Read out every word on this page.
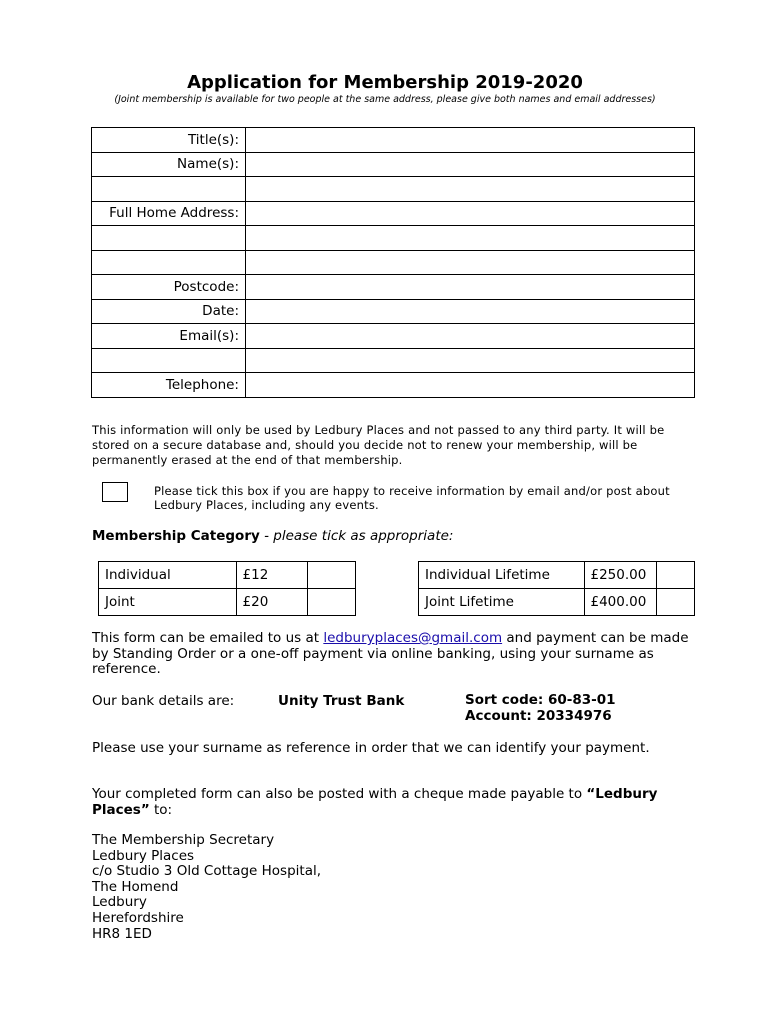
Application for Membership 2019-2020
(Joint membership is available for two people at the same address, please give both names and email addresses)
Title(s):	
Name(s):	

Full Home Address:	

Postcode:	
Date:	
Email(s):	

Telephone:	
This information will only be used by Ledbury Places and not passed to any third party. It will be stored on a secure database and, should you decide not to renew your membership, will be permanently erased at the end of that membership.
Please tick this box if you are happy to receive information by email and/or post about Ledbury Places, including any events.
Membership Category - please tick as appropriate:
Individual	£12	
Joint	£20	
Individual Lifetime	£250.00	
Joint Lifetime	£400.00	
This form can be emailed to us at ledburyplaces@gmail.com and payment can be made by Standing Order or a one-off payment via online banking, using your surname as reference.
Our bank details are:	Unity Trust Bank	Sort code: 60-83-01
Account: 20334976
Please use your surname as reference in order that we can identify your payment.
Your completed form can also be posted with a cheque made payable to “Ledbury Places” to:
The Membership Secretary
Ledbury Places
c/o Studio 3 Old Cottage Hospital,
The Homend
Ledbury
Herefordshire
HR8 1ED
